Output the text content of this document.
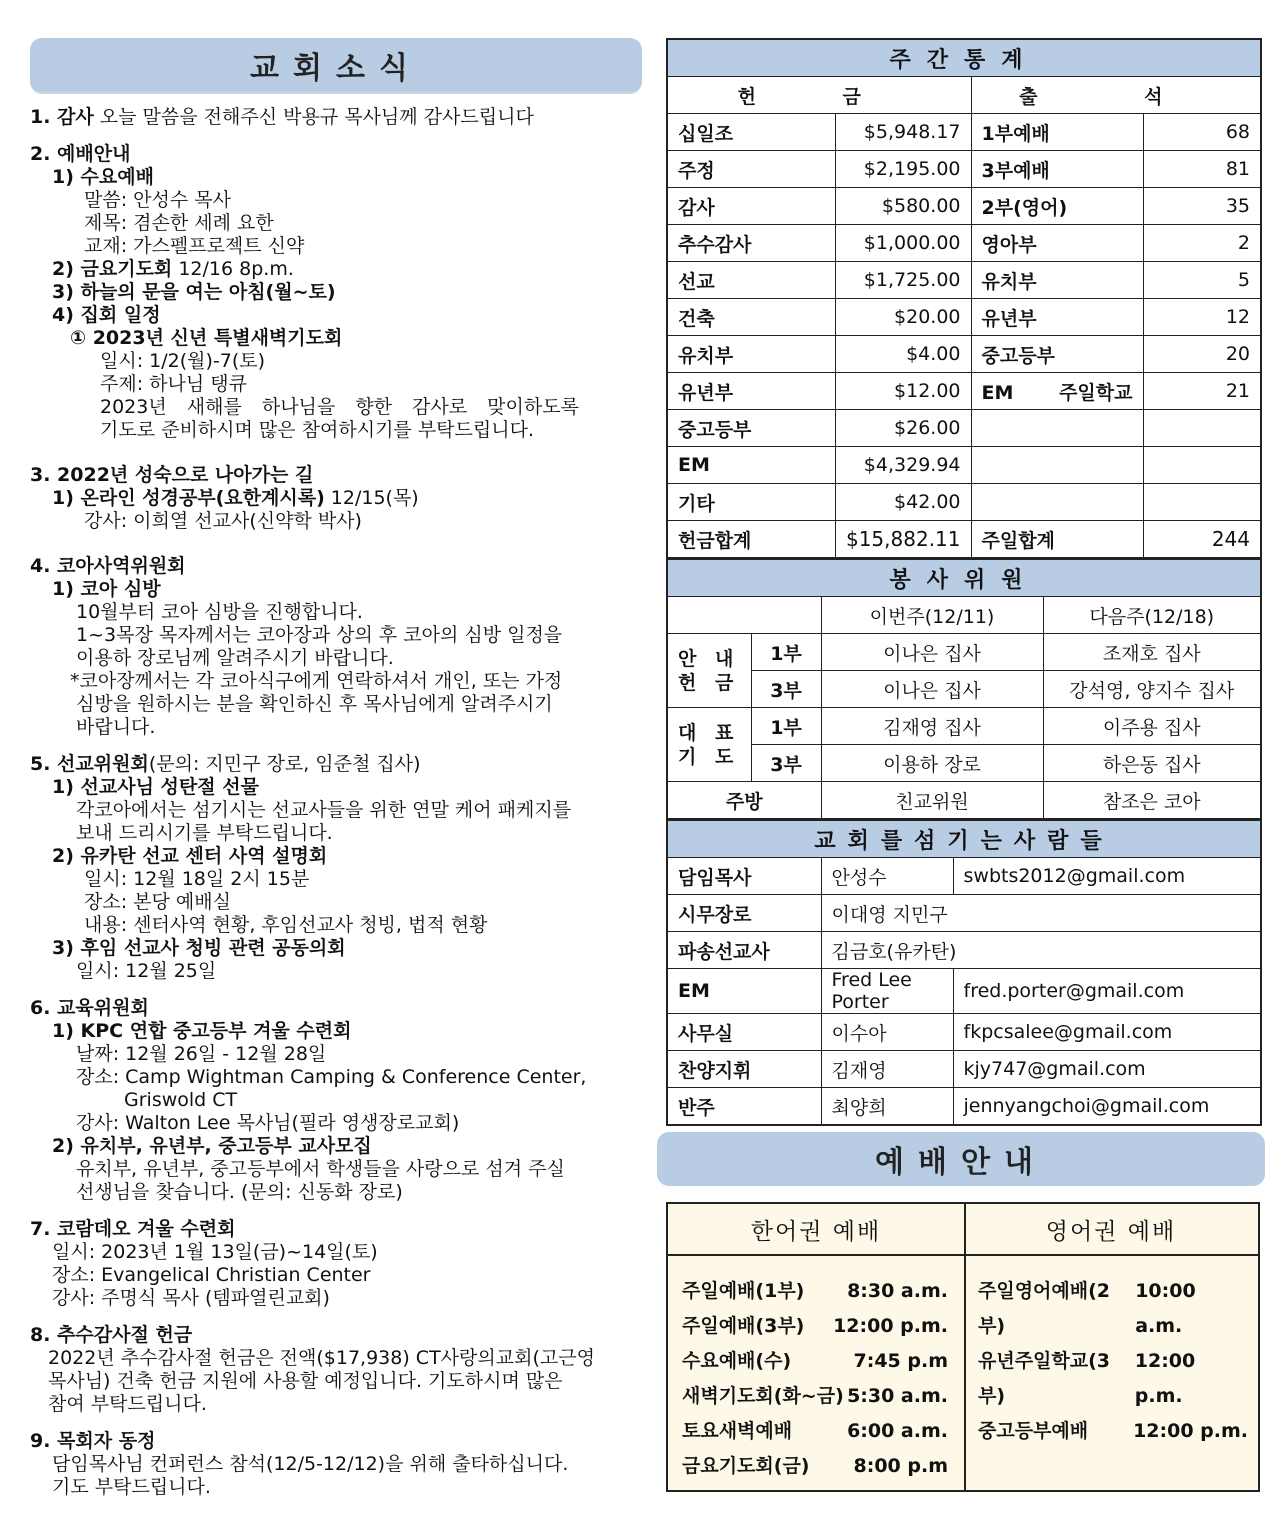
교회소식
1. 감사 오늘 말씀을 전해주신 박용규 목사님께 감사드립니다
2. 예배안내
1) 수요예배
말씀: 안성수 목사
제목: 겸손한 세례 요한
교재: 가스펠프로젝트 신약
2) 금요기도회 12/16 8p.m.
3) 하늘의 문을 여는 아침(월~토)
4) 집회 일정
① 2023년 신년 특별새벽기도회
일시: 1/2(월)-7(토)
주제: 하나님 탱큐
2023년 새해를 하나님을 향한 감사로 맞이하도록
기도로 준비하시며 많은 참여하시기를 부탁드립니다.
3. 2022년 성숙으로 나아가는 길
1) 온라인 성경공부(요한계시록) 12/15(목)
강사: 이희열 선교사(신약학 박사)
4. 코아사역위원회
1) 코아 심방
10월부터 코아 심방을 진행합니다.
1~3목장 목자께서는 코아장과 상의 후 코아의 심방 일정을
이용하 장로님께 알려주시기 바랍니다.
*코아장께서는 각 코아식구에게 연락하셔서 개인, 또는 가정
심방을 원하시는 분을 확인하신 후 목사님에게 알려주시기
바랍니다.
5. 선교위원회(문의: 지민구 장로, 임준철 집사)
1) 선교사님 성탄절 선물
각코아에서는 섬기시는 선교사들을 위한 연말 케어 패케지를
보내 드리시기를 부탁드립니다.
2) 유카탄 선교 센터 사역 설명회
일시: 12월 18일 2시 15분
장소: 본당 예배실
내용: 센터사역 현황, 후임선교사 청빙, 법적 현황
3) 후임 선교사 청빙 관련 공동의회
일시: 12월 25일
6. 교육위원회
1) KPC 연합 중고등부 겨울 수련회
날짜: 12월 26일 - 12월 28일
장소: Camp Wightman Camping & Conference Center,
Griswold CT
강사: Walton Lee 목사님(필라 영생장로교회)
2) 유치부, 유년부, 중고등부 교사모집
유치부, 유년부, 중고등부에서 학생들을 사랑으로 섬겨 주실
선생님을 찾습니다. (문의: 신동화 장로)
7. 코람데오 겨울 수련회
일시: 2023년 1월 13일(금)~14일(토)
장소: Evangelical Christian Center
강사: 주명식 목사 (템파열린교회)
8. 추수감사절 헌금
2022년 추수감사절 헌금은 전액($17,938) CT사랑의교회(고근영
목사님) 건축 헌금 지원에 사용할 예정입니다. 기도하시며 많은
참여 부탁드립니다.
9. 목회자 동정
담임목사님 컨퍼런스 참석(12/5-12/12)을 위해 출타하십니다.
기도 부탁드립니다.
주간통계			
헌 금		출 석	
십일조	$5,948.17	1부예배	68
주정	$2,195.00	3부예배	81
감사	$580.00	2부(영어)	35
추수감사	$1,000.00	영아부	2
선교	$1,725.00	유치부	5
건축	$20.00	유년부	12
유치부	$4.00	중고등부	20
유년부	$12.00	EM 주일학교	21
중고등부	$26.00		
EM	$4,329.94		
기타	$42.00		
헌금합계	$15,882.11	주일합계	244
봉사위원			
		이번주(12/11)	다음주(12/18)
안 내
헌 금	1부	이나은 집사	조재호 집사
	3부	이나은 집사	강석영, 양지수 집사
대 표
기 도	1부	김재영 집사	이주용 집사
	3부	이용하 장로	하은동 집사
주방		친교위원	참조은 코아
교회를섬기는사람들		
담임목사	안성수	swbts2012@gmail.com
시무장로	이대영 지민구	
파송선교사	김금호(유카탄)	
EM	Fred Lee Porter	fred.porter@gmail.com
사무실	이수아	fkpcsalee@gmail.com
찬양지휘	김재영	kjy747@gmail.com
반주	최양희	jennyangchoi@gmail.com
예배안내
한어권 예배	영어권 예배
주일예배(1부) 8:30 a.m.
주일예배(3부) 12:00 p.m.
수요예배(수)	7:45 p.m
새벽기도회(화~금) 5:30 a.m.
토요새벽예배	6:00 a.m.
금요기도회(금) 8:00 p.m
주일영어예배(2부)
10:00 a.m.
유년주일학교(3부)
12:00 p.m.
중고등부예배 12:00 p.m.
